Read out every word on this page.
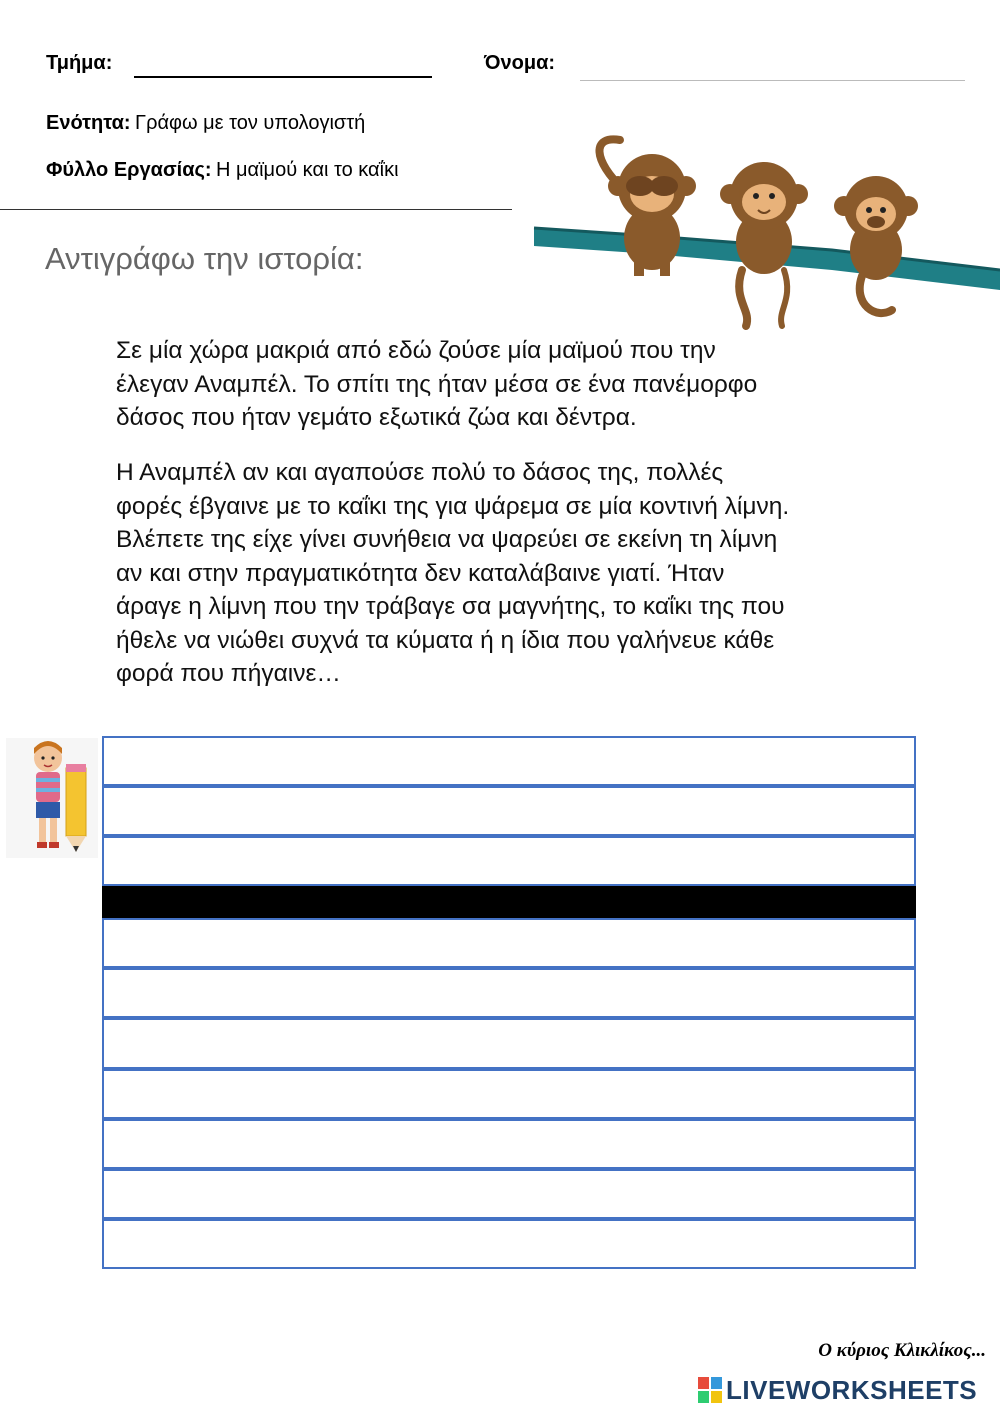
Τμήμα:	Όνομα:
Ενότητα: Γράφω με τον υπολογιστή
Φύλλο Εργασίας: Η μαϊμού και το καΐκι
Αντιγράφω την ιστορία:
Σε μία χώρα μακριά από εδώ ζούσε μία μαϊμού που την
έλεγαν Αναμπέλ. Το σπίτι της ήταν μέσα σε ένα πανέμορφο
δάσος που ήταν γεμάτο εξωτικά ζώα και δέντρα.
Η Αναμπέλ αν και αγαπούσε πολύ το δάσος της, πολλές
φορές έβγαινε με το καΐκι της για ψάρεμα σε μία κοντινή λίμνη.
Βλέπετε της είχε γίνει συνήθεια να ψαρεύει σε εκείνη τη λίμνη
αν και στην πραγματικότητα δεν καταλάβαινε γιατί. Ήταν
άραγε η λίμνη που την τράβαγε σα μαγνήτης, το καΐκι της που
ήθελε να νιώθει συχνά τα κύματα ή η ίδια που γαλήνευε κάθε
φορά που πήγαινε…
Ο κύριος Κλικλίκος...
LIVEWORKSHEETS
